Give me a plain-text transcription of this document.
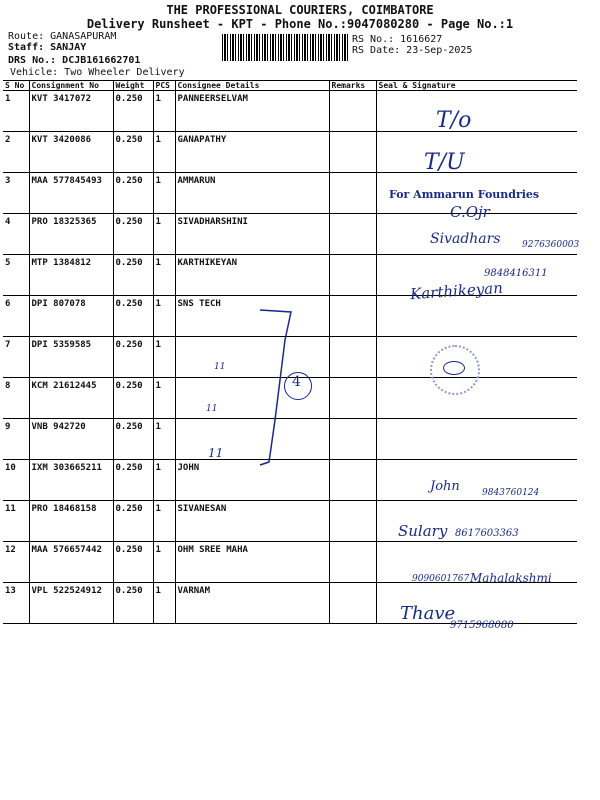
THE PROFESSIONAL COURIERS, COIMBATORE
Delivery Runsheet - KPT - Phone No.:9047080280 - Page No.:1
Route: GANASAPURAM
Staff: SANJAY
DRS No.: DCJB161662701
Vehicle: Two Wheeler Delivery
RS No.: 1616627
RS Date: 23-Sep-2025
S No	Consignment No	Weight	PCS	Consignee Details	Remarks	Seal & Signature
1	KVT 3417072	0.250	1	PANNEERSELVAM		
2	KVT 3420086	0.250	1	GANAPATHY		
3	MAA 577845493	0.250	1	AMMARUN		
4	PRO 18325365	0.250	1	SIVADHARSHINI		
5	MTP 1384812	0.250	1	KARTHIKEYAN		
6	DPI 807078	0.250	1	SNS TECH		
7	DPI 5359585	0.250	1			
8	KCM 21612445	0.250	1			
9	VNB 942720	0.250	1			
10	IXM 303665211	0.250	1	JOHN		
11	PRO 18468158	0.250	1	SIVANESAN		
12	MAA 576657442	0.250	1	OHM SREE MAHA		
13	VPL 522524912	0.250	1	VARNAM		
T/o
T/U
For Ammarun Foundries
C.Ojr
Sivadhars 9276360003
9848416311
Karthikeyan
4
11
11
11
John 9843760124
Sulary 8617603363
9090601767 Mahalakshmi
Thave
9715968080
